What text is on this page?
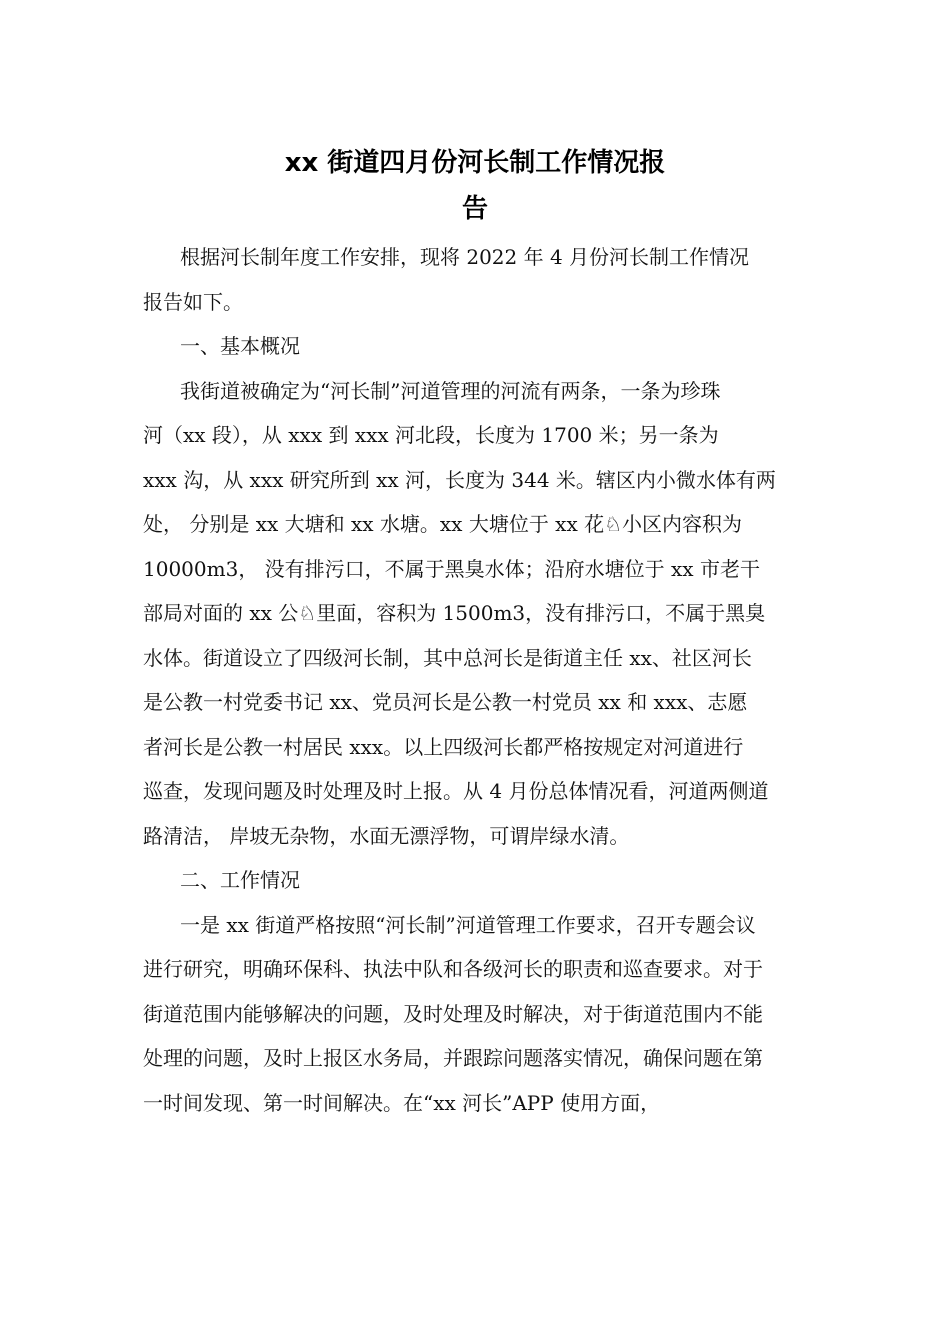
xx 街道四月份河长制工作情况报
告
根据河长制年度工作安排，现将 2022 年 4 月份河长制工作情况
报告如下。
一、基本概况
我街道被确定为“河长制”河道管理的河流有两条，一条为珍珠
河（xx 段），从 xxx 到 xxx 河北段，长度为 1700 米；另一条为
xxx 沟，从 xxx 研究所到 xx 河，长度为 344 米。辖区内小微水体有两
处， 分别是 xx 大塘和 xx 水塘。xx 大塘位于 xx 花♘小区内容积为
10000m3， 没有排污口，不属于黑臭水体；沿府水塘位于 xx 市老干
部局对面的 xx 公♘里面，容积为 1500m3，没有排污口，不属于黑臭
水体。街道设立了四级河长制，其中总河长是街道主任 xx、社区河长
是公教一村党委书记 xx、党员河长是公教一村党员 xx 和 xxx、志愿
者河长是公教一村居民 xxx。以上四级河长都严格按规定对河道进行
巡查，发现问题及时处理及时上报。从 4 月份总体情况看，河道两侧道
路清洁， 岸坡无杂物，水面无漂浮物，可谓岸绿水清。
二、工作情况
一是 xx 街道严格按照“河长制”河道管理工作要求，召开专题会议
进行研究，明确环保科、执法中队和各级河长的职责和巡查要求。对于
街道范围内能够解决的问题，及时处理及时解决，对于街道范围内不能
处理的问题，及时上报区水务局，并跟踪问题落实情况，确保问题在第
一时间发现、第一时间解决。在“xx 河长”APP 使用方面，
